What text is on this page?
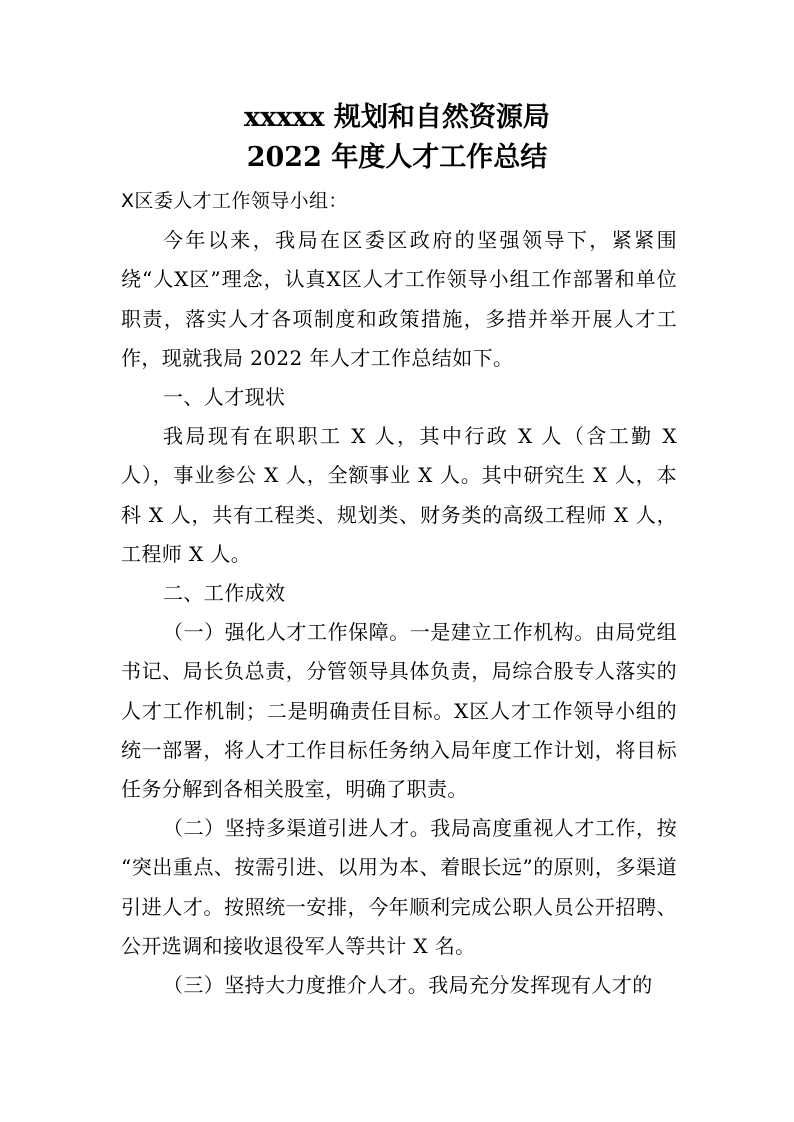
xxxxx 规划和自然资源局
2022 年度人才工作总结

X区委人才工作领导小组：

今年以来，我局在区委区政府的坚强领导下，紧紧围绕“人X区”理念，认真X区人才工作领导小组工作部署和单位职责，落实人才各项制度和政策措施，多措并举开展人才工作，现就我局 2022 年人才工作总结如下。

一、人才现状

我局现有在职职工 X 人，其中行政 X 人（含工勤 X 人），事业参公 X 人，全额事业 X 人。其中研究生 X 人，本科 X 人，共有工程类、规划类、财务类的高级工程师 X 人，工程师 X 人。

二、工作成效

（一）强化人才工作保障。一是建立工作机构。由局党组书记、局长负总责，分管领导具体负责，局综合股专人落实的人才工作机制；二是明确责任目标。X区人才工作领导小组的统一部署，将人才工作目标任务纳入局年度工作计划，将目标任务分解到各相关股室，明确了职责。

（二）坚持多渠道引进人才。我局高度重视人才工作，按 “突出重点、按需引进、以用为本、着眼长远”的原则，多渠道引进人才。按照统一安排，今年顺利完成公职人员公开招聘、公开选调和接收退役军人等共计 X 名。

（三）坚持大力度推介人才。我局充分发挥现有人才的
